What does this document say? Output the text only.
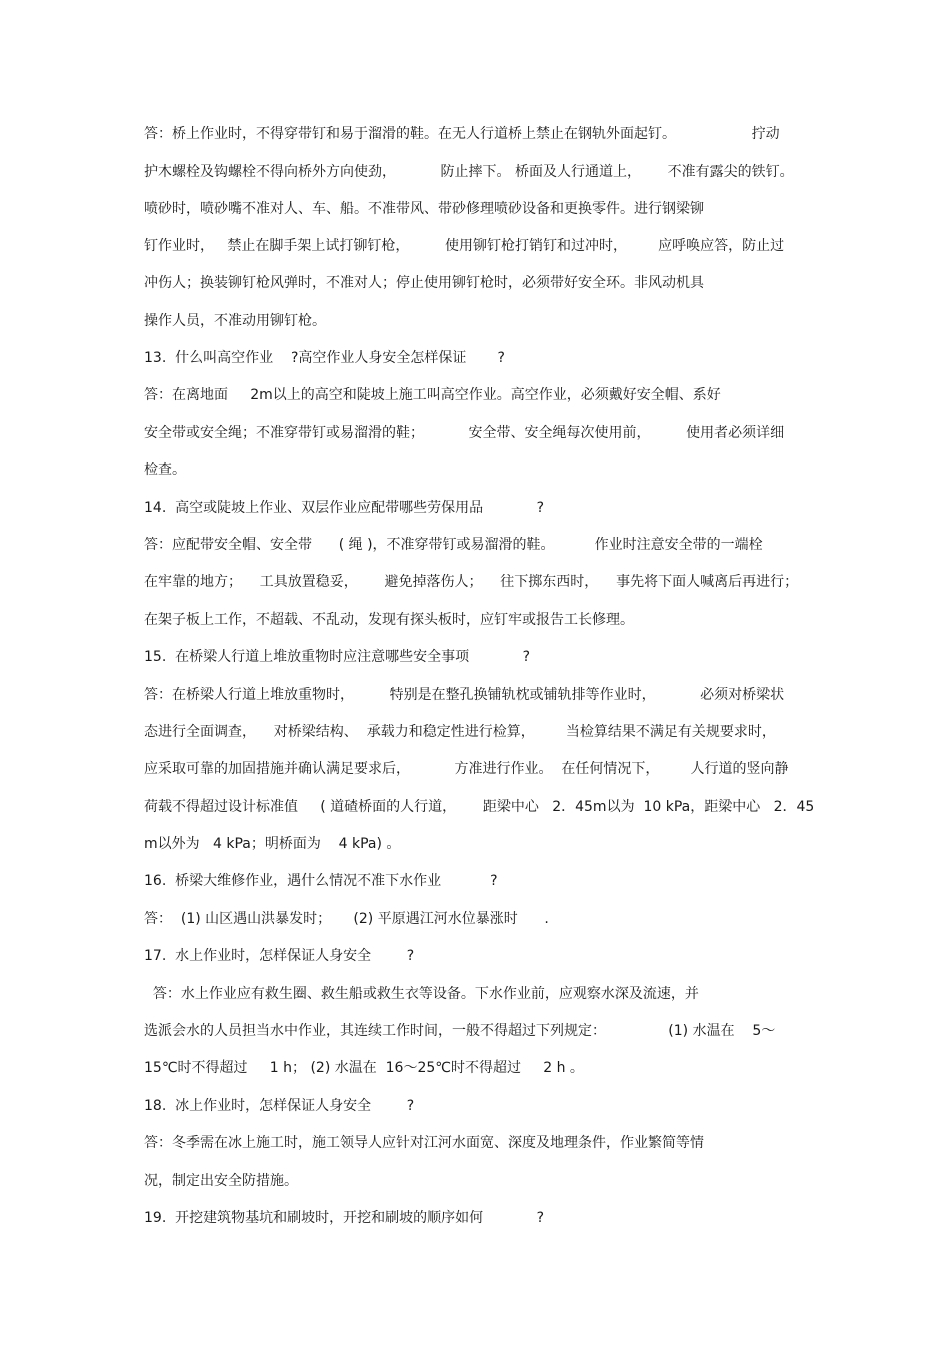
答：桥上作业时，不得穿带钉和易于溜滑的鞋。在无人行道桥上禁止在钢轨外面起钉。                 拧动
护木螺栓及钩螺栓不得向桥外方向使劲，          防止摔下。 桥面及人行通道上，      不准有露尖的铁钉。
喷砂时，喷砂嘴不准对人、车、船。不准带风、带砂修理喷砂设备和更换零件。进行钢梁铆
钉作业时，   禁止在脚手架上试打铆钉枪，        使用铆钉枪打销钉和过冲时，       应呼唤应答，防止过
冲伤人；换装铆钉枪风弹时，不准对人；停止使用铆钉枪时，必须带好安全环。非风动机具
操作人员，不准动用铆钉枪。
13.  什么叫高空作业    ?高空作业人身安全怎样保证       ?
答：在离地面     2m以上的高空和陡坡上施工叫高空作业。高空作业，必须戴好安全帽、系好
安全带或安全绳；不准穿带钉或易溜滑的鞋；          安全带、安全绳每次使用前，        使用者必须详细
检查。
14.  高空或陡坡上作业、双层作业应配带哪些劳保用品            ?
答：应配带安全帽、安全带      ( 绳 )，不准穿带钉或易溜滑的鞋。         作业时注意安全带的一端栓
在牢靠的地方；    工具放置稳妥，      避免掉落伤人；    往下掷东西时，    事先将下面人喊离后再进行；
在架子板上工作，不超载、不乱动，发现有探头板时，应钉牢或报告工长修理。
15.  在桥梁人行道上堆放重物时应注意哪些安全事项            ?
答：在桥梁人行道上堆放重物时，        特别是在整孔换铺轨枕或铺轨排等作业时，          必须对桥梁状
态进行全面调查，    对桥梁结构、  承载力和稳定性进行检算，       当检算结果不满足有关规要求时，
应采取可靠的加固措施并确认满足要求后，          方准进行作业。  在任何情况下，       人行道的竖向静
荷载不得超过设计标准值     ( 道碴桥面的人行道，      距梁中心   2．45m以为  10 kPa，距梁中心   2．45
m以外为   4 kPa；明桥面为    4 kPa) 。
16.  桥梁大维修作业，遇什么情况不准下水作业           ?
答：  (1) 山区遇山洪暴发时；     (2) 平原遇江河水位暴涨时      .
17.  水上作业时，怎样保证人身安全        ?
答：水上作业应有救生圈、救生船或救生衣等设备。下水作业前，应观察水深及流速，并
选派会水的人员担当水中作业，其连续工作时间，一般不得超过下列规定：              (1) 水温在    5～
15℃时不得超过     1 h； (2) 水温在  16～25℃时不得超过     2 h 。
18.  冰上作业时，怎样保证人身安全        ?
答：冬季需在冰上施工时，施工领导人应针对江河水面宽、深度及地理条件，作业繁简等情
况，制定出安全防措施。
19.  开挖建筑物基坑和刷坡时，开挖和刷坡的顺序如何            ?
